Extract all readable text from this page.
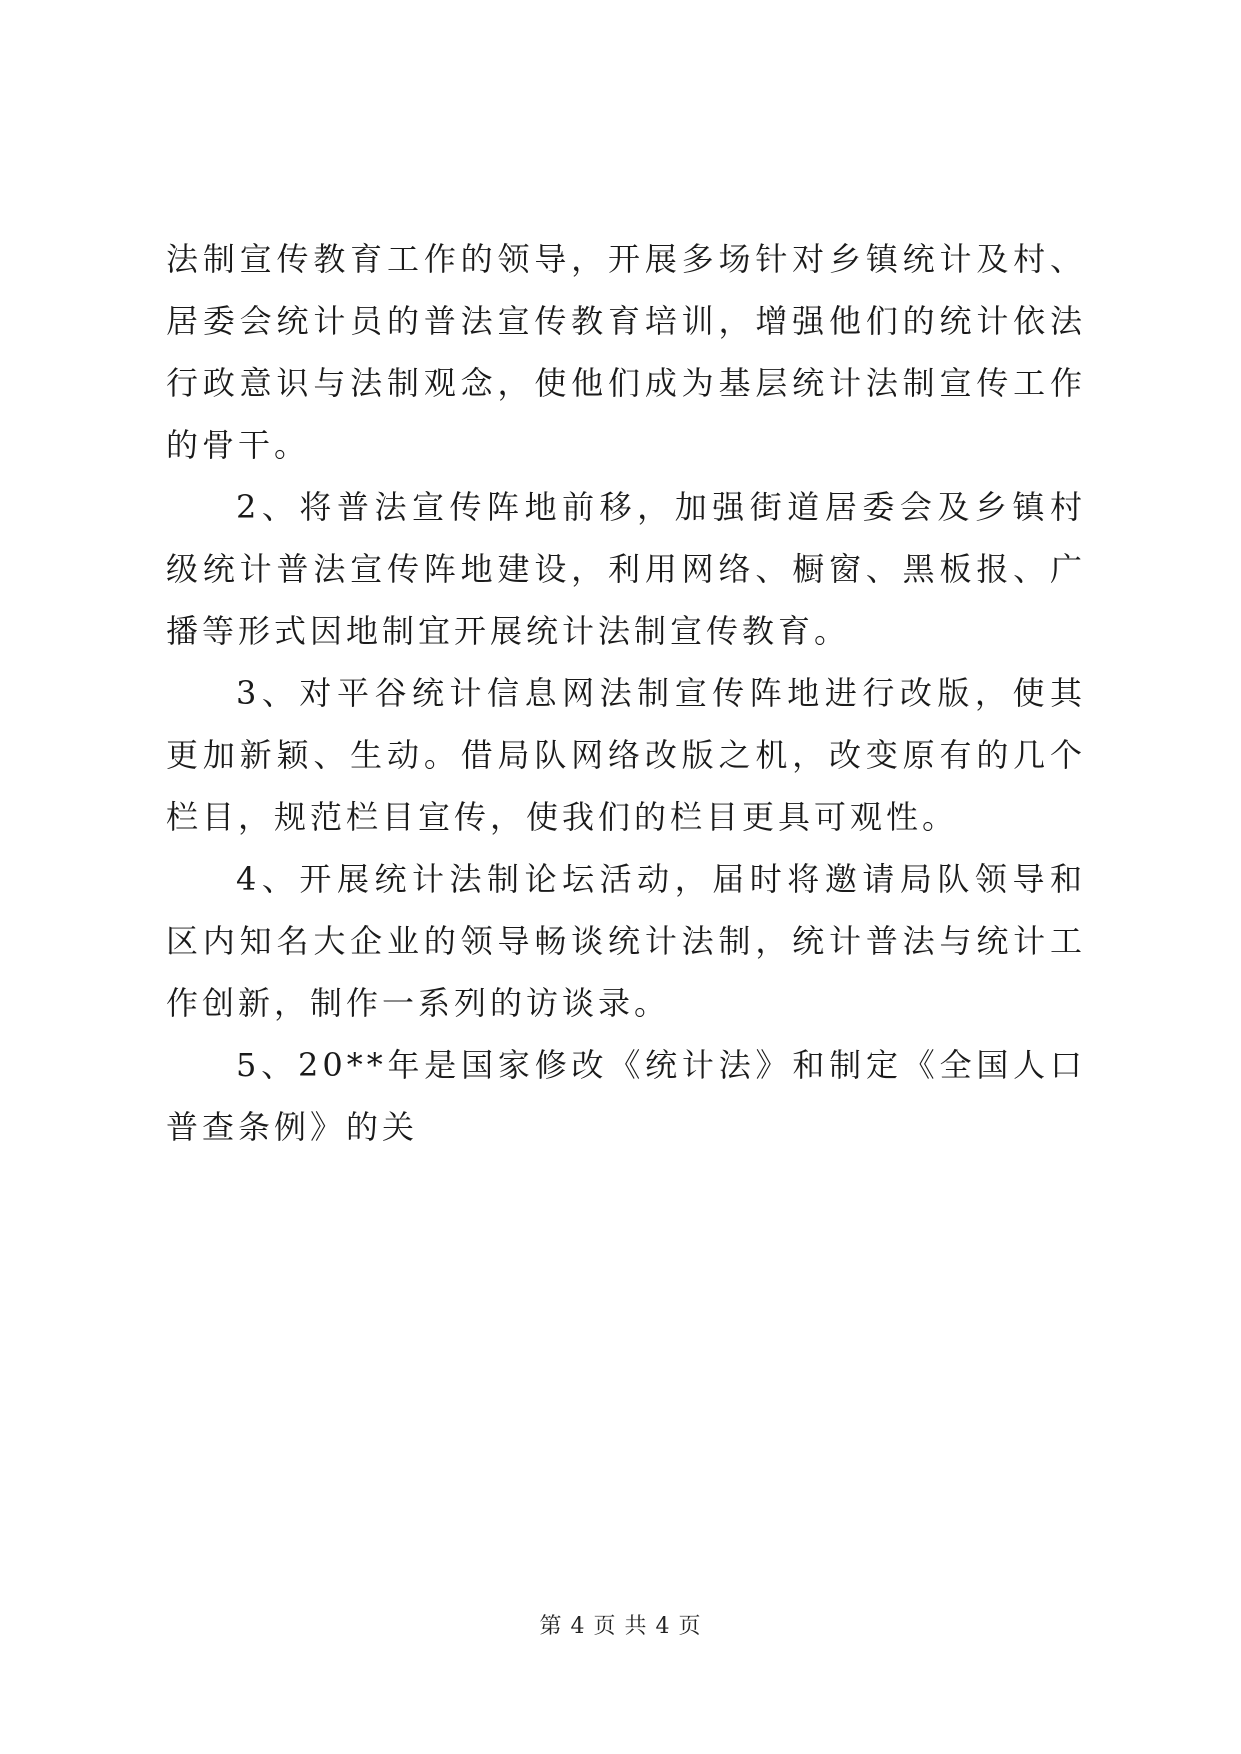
法制宣传教育工作的领导，开展多场针对乡镇统计及村、居委会统计员的普法宣传教育培训，增强他们的统计依法行政意识与法制观念，使他们成为基层统计法制宣传工作的骨干。

2、将普法宣传阵地前移，加强街道居委会及乡镇村级统计普法宣传阵地建设，利用网络、橱窗、黑板报、广播等形式因地制宜开展统计法制宣传教育。

3、对平谷统计信息网法制宣传阵地进行改版，使其更加新颖、生动。借局队网络改版之机，改变原有的几个栏目，规范栏目宣传，使我们的栏目更具可观性。

4、开展统计法制论坛活动，届时将邀请局队领导和区内知名大企业的领导畅谈统计法制，统计普法与统计工作创新，制作一系列的访谈录。

5、20**年是国家修改《统计法》和制定《全国人口普查条例》的关

第 4 页 共 4 页
